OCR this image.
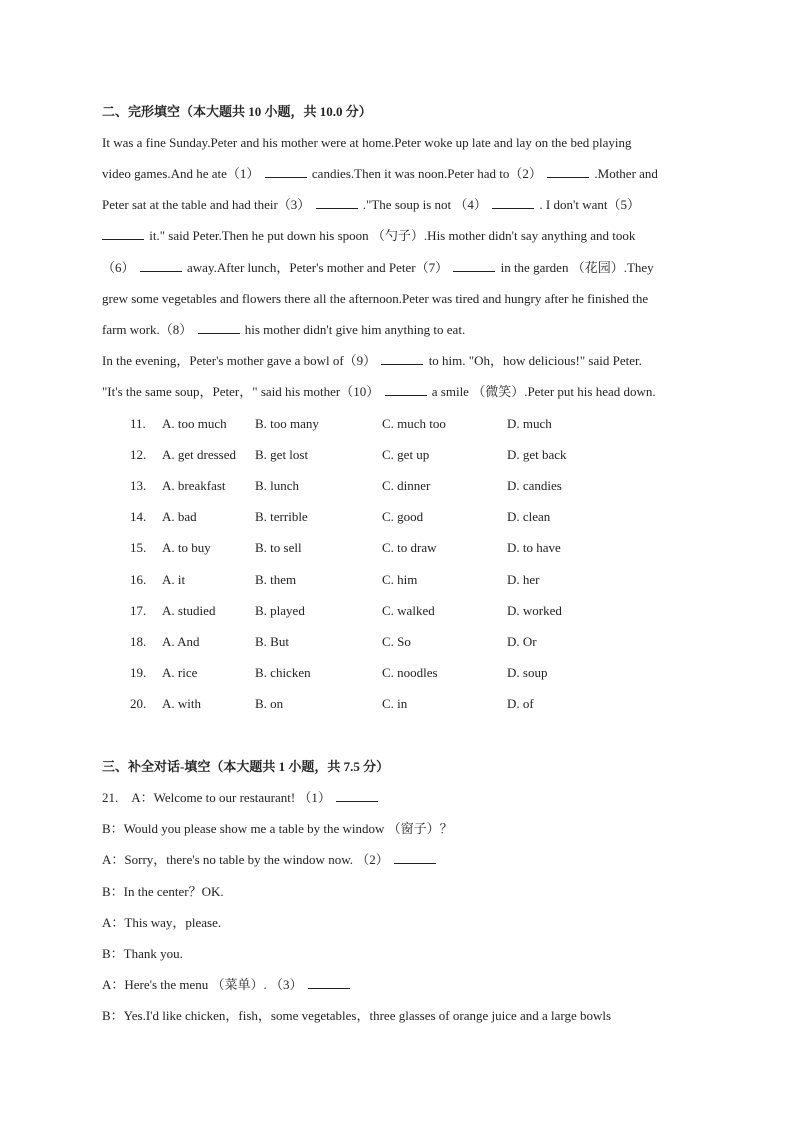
二、完形填空（本大题共 10 小题，共 10.0 分）
It was a fine Sunday.Peter and his mother were at home.Peter woke up late and lay on the bed playing
video games.And he ate（1）	candies.Then it was noon.Peter had to（2）	.Mother and
Peter sat at the table and had their（3）	."The soup is not （4）	. I don't want（5）
it." said Peter.Then he put down his spoon （勺子）.His mother didn't say anything and took
（6）	away.After lunch，Peter's mother and Peter（7）	in the garden （花园）.They
grew some vegetables and flowers there all the afternoon.Peter was tired and hungry after he finished the
farm work.（8）	his mother didn't give him anything to eat.
In the evening，Peter's mother gave a bowl of（9）	to him. "Oh，how delicious!" said Peter.
"It's the same soup，Peter，" said his mother（10）	a smile （微笑）.Peter put his head down.
11. A. too much B. too many	C. much too	D. much
12. A. get dressed B. get lost	C. get up	D. get back
13. A. breakfast B. lunch	C. dinner	D. candies
14. A. bad	B. terrible	C. good	D. clean
15. A. to buy	B. to sell	C. to draw	D. to have
16. A. it	B. them	C. him	D. her
17. A. studied	B. played	C. walked	D. worked
18. A. And	B. But	C. So	D. Or
19. A. rice	B. chicken	C. noodles	D. soup
20. A. with	B. on	C. in	D. of
三、补全对话-填空（本大题共 1 小题，共 7.5 分）
21.　A：Welcome to our restaurant! （1）
B：Would you please show me a table by the window （窗子）？
A：Sorry，there's no table by the window now. （2）
B：In the center？OK.
A：This way，please.
B：Thank you.
A：Here's the menu （菜单）. （3）
B：Yes.I'd like chicken，fish，some vegetables，three glasses of orange juice and a large bowls
